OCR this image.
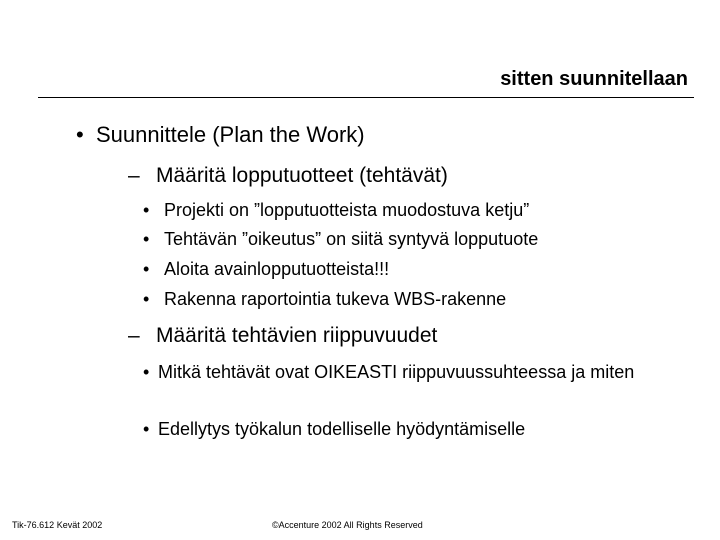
sitten suunnitellaan
• Suunnittele (Plan the Work)
– Määritä lopputuotteet (tehtävät)
• Projekti on ”lopputuotteista muodostuva ketju”
• Tehtävän ”oikeutus” on siitä syntyvä lopputuote
• Aloita avainlopputuotteista!!!
• Rakenna raportointia tukeva WBS-rakenne
– Määritä tehtävien riippuvuudet
• Mitkä tehtävät ovat OIKEASTI riippuvuussuhteessa ja miten
• Edellytys työkalun todelliselle hyödyntämiselle
Tik-76.612 Kevät 2002	©Accenture 2002 All Rights Reserved
